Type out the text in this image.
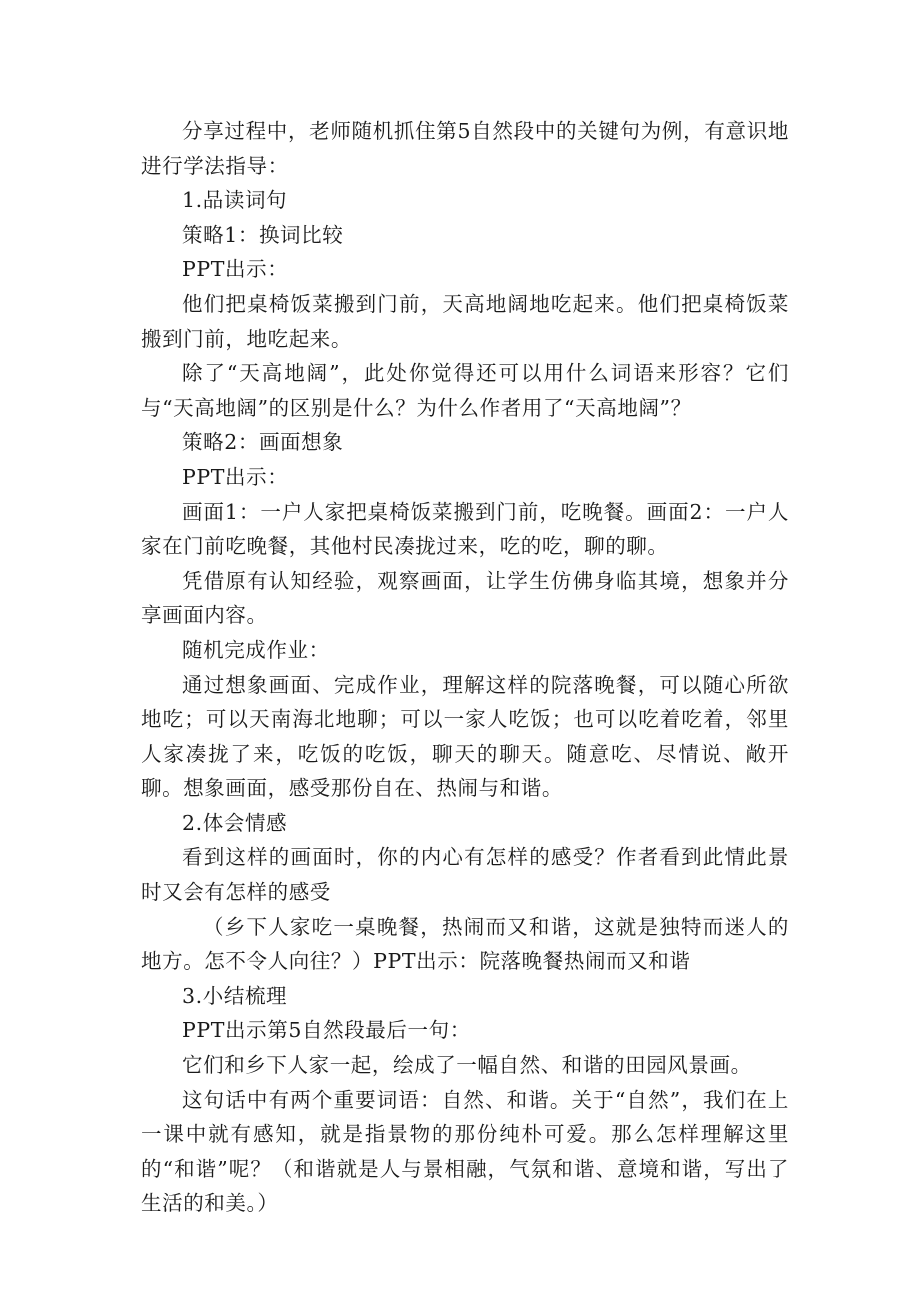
分享过程中，老师随机抓住第5自然段中的关键句为例，有意识地进行学法指导：

1.品读词句

策略1：换词比较

PPT出示：

他们把桌椅饭菜搬到门前，天高地阔地吃起来。他们把桌椅饭菜搬到门前，地吃起来。

除了“天高地阔”，此处你觉得还可以用什么词语来形容？它们与“天高地阔”的区别是什么？为什么作者用了“天高地阔”？

策略2：画面想象

PPT出示：

画面1：一户人家把桌椅饭菜搬到门前，吃晚餐。画面2：一户人家在门前吃晚餐，其他村民凑拢过来，吃的吃，聊的聊。

凭借原有认知经验，观察画面，让学生仿佛身临其境，想象并分享画面内容。

随机完成作业：

通过想象画面、完成作业，理解这样的院落晚餐，可以随心所欲地吃；可以天南海北地聊；可以一家人吃饭；也可以吃着吃着，邻里人家凑拢了来，吃饭的吃饭，聊天的聊天。随意吃、尽情说、敞开聊。想象画面，感受那份自在、热闹与和谐。

2.体会情感

看到这样的画面时，你的内心有怎样的感受？作者看到此情此景时又会有怎样的感受

（乡下人家吃一桌晚餐，热闹而又和谐，这就是独特而迷人的地方。怎不令人向往？）PPT出示：院落晚餐热闹而又和谐

3.小结梳理

PPT出示第5自然段最后一句：

它们和乡下人家一起，绘成了一幅自然、和谐的田园风景画。

这句话中有两个重要词语：自然、和谐。关于“自然”，我们在上一课中就有感知，就是指景物的那份纯朴可爱。那么怎样理解这里的“和谐”呢？（和谐就是人与景相融，气氛和谐、意境和谐，写出了生活的和美。）
